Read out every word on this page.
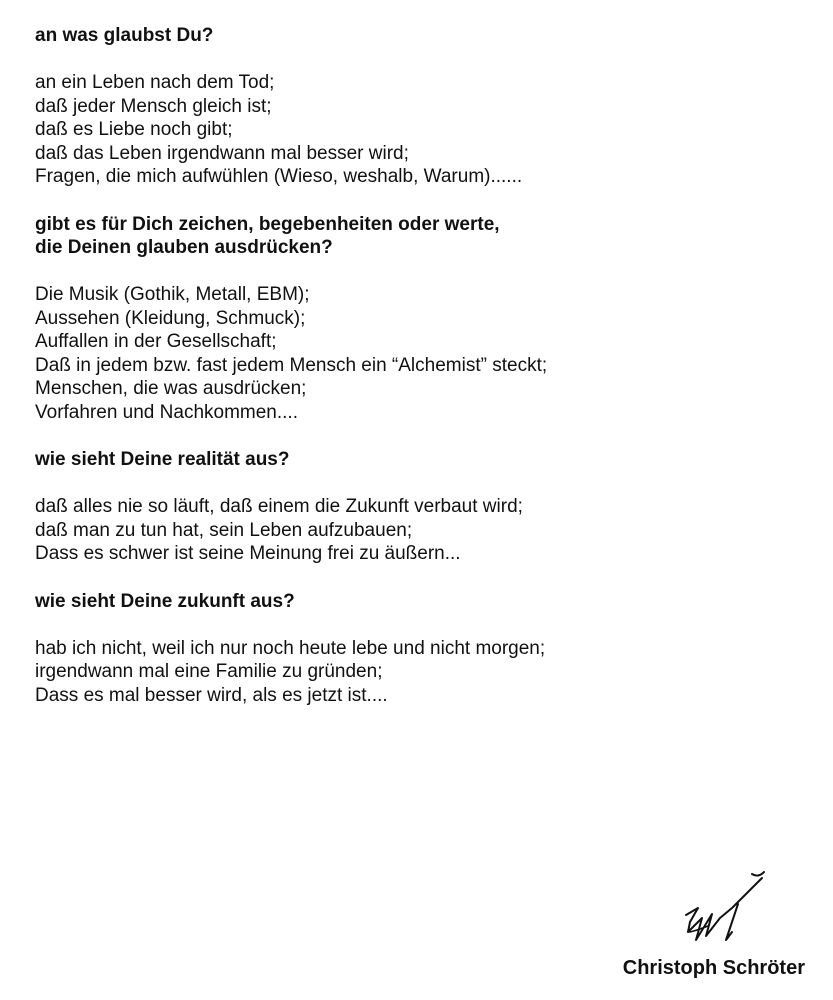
an was glaubst Du?
an ein Leben nach dem Tod;
daß jeder Mensch gleich ist;
daß es Liebe noch gibt;
daß das Leben irgendwann mal besser wird;
Fragen, die mich aufwühlen (Wieso, weshalb, Warum)......
gibt es für Dich zeichen, begebenheiten oder werte,
die Deinen glauben ausdrücken?
Die Musik (Gothik, Metall, EBM);
Aussehen (Kleidung, Schmuck);
Auffallen in der Gesellschaft;
Daß in jedem bzw. fast jedem Mensch ein “Alchemist” steckt;
Menschen, die was ausdrücken;
Vorfahren und Nachkommen....
wie sieht Deine realität aus?
daß alles nie so läuft, daß einem die Zukunft verbaut wird;
daß man zu tun hat, sein Leben aufzubauen;
Dass es schwer ist seine Meinung frei zu äußern...
wie sieht Deine zukunft aus?
hab ich nicht, weil ich nur noch heute lebe und nicht morgen;
irgendwann mal eine Familie zu gründen;
Dass es mal besser wird, als es jetzt ist....
Christoph Schröter
